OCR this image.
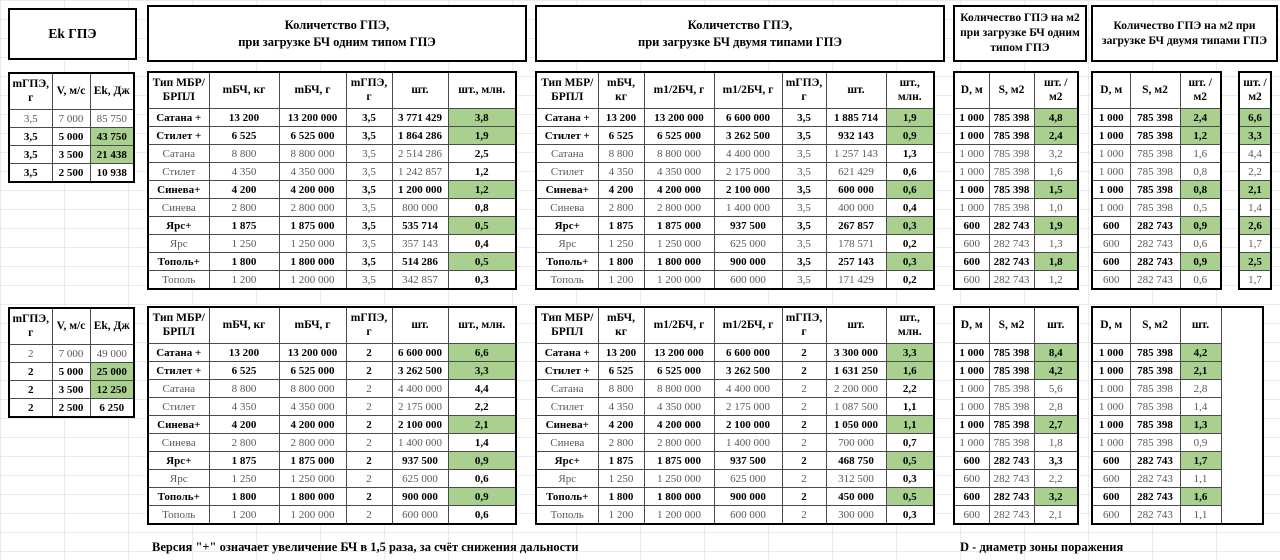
Ek ГПЭ
mГПЭ, г	V, м/с	Ek, Дж
3,5	7 000	85 750
3,5	5 000	43 750
3,5	3 500	21 438
3,5	2 500	10 938
mГПЭ, г	V, м/с	Ek, Дж
2	7 000	49 000
2	5 000	25 000
2	3 500	12 250
2	2 500	6 250
Количетство ГПЭ,
при загрузке БЧ одним типом ГПЭ
Тип МБР/ БРПЛ	mБЧ, кг	mБЧ, г	mГПЭ, г	шт.	шт., млн.
Сатана +	13 200	13 200 000	3,5	3 771 429	3,8
Стилет +	6 525	6 525 000	3,5	1 864 286	1,9
Сатана	8 800	8 800 000	3,5	2 514 286	2,5
Стилет	4 350	4 350 000	3,5	1 242 857	1,2
Синева+	4 200	4 200 000	3,5	1 200 000	1,2
Синева	2 800	2 800 000	3,5	800 000	0,8
Ярс+	1 875	1 875 000	3,5	535 714	0,5
Ярс	1 250	1 250 000	3,5	357 143	0,4
Тополь+	1 800	1 800 000	3,5	514 286	0,5
Тополь	1 200	1 200 000	3,5	342 857	0,3
Тип МБР/ БРПЛ	mБЧ, кг	mБЧ, г	mГПЭ, г	шт.	шт., млн.
Сатана +	13 200	13 200 000	2	6 600 000	6,6
Стилет +	6 525	6 525 000	2	3 262 500	3,3
Сатана	8 800	8 800 000	2	4 400 000	4,4
Стилет	4 350	4 350 000	2	2 175 000	2,2
Синева+	4 200	4 200 000	2	2 100 000	2,1
Синева	2 800	2 800 000	2	1 400 000	1,4
Ярс+	1 875	1 875 000	2	937 500	0,9
Ярс	1 250	1 250 000	2	625 000	0,6
Тополь+	1 800	1 800 000	2	900 000	0,9
Тополь	1 200	1 200 000	2	600 000	0,6
Количетство ГПЭ,
при загрузке БЧ двумя типами ГПЭ
Тип МБР/ БРПЛ	mБЧ, кг	m1/2БЧ, г	m1/2БЧ, г	mГПЭ, г	шт.	шт., млн.
Сатана +	13 200	13 200 000	6 600 000	3,5	1 885 714	1,9
Стилет +	6 525	6 525 000	3 262 500	3,5	932 143	0,9
Сатана	8 800	8 800 000	4 400 000	3,5	1 257 143	1,3
Стилет	4 350	4 350 000	2 175 000	3,5	621 429	0,6
Синева+	4 200	4 200 000	2 100 000	3,5	600 000	0,6
Синева	2 800	2 800 000	1 400 000	3,5	400 000	0,4
Ярс+	1 875	1 875 000	937 500	3,5	267 857	0,3
Ярс	1 250	1 250 000	625 000	3,5	178 571	0,2
Тополь+	1 800	1 800 000	900 000	3,5	257 143	0,3
Тополь	1 200	1 200 000	600 000	3,5	171 429	0,2
Тип МБР/ БРПЛ	mБЧ, кг	m1/2БЧ, г	m1/2БЧ, г	mГПЭ, г	шт.	шт., млн.
Сатана +	13 200	13 200 000	6 600 000	2	3 300 000	3,3
Стилет +	6 525	6 525 000	3 262 500	2	1 631 250	1,6
Сатана	8 800	8 800 000	4 400 000	2	2 200 000	2,2
Стилет	4 350	4 350 000	2 175 000	2	1 087 500	1,1
Синева+	4 200	4 200 000	2 100 000	2	1 050 000	1,1
Синева	2 800	2 800 000	1 400 000	2	700 000	0,7
Ярс+	1 875	1 875 000	937 500	2	468 750	0,5
Ярс	1 250	1 250 000	625 000	2	312 500	0,3
Тополь+	1 800	1 800 000	900 000	2	450 000	0,5
Тополь	1 200	1 200 000	600 000	2	300 000	0,3
Количество ГПЭ на м2 при загрузке БЧ одним типом ГПЭ
D, м	S, м2	шт. / м2
1 000	785 398	4,8
1 000	785 398	2,4
1 000	785 398	3,2
1 000	785 398	1,6
1 000	785 398	1,5
1 000	785 398	1,0
600	282 743	1,9
600	282 743	1,3
600	282 743	1,8
600	282 743	1,2
D, м	S, м2	шт.
1 000	785 398	8,4
1 000	785 398	4,2
1 000	785 398	5,6
1 000	785 398	2,8
1 000	785 398	2,7
1 000	785 398	1,8
600	282 743	3,3
600	282 743	2,2
600	282 743	3,2
600	282 743	2,1
Количество ГПЭ на м2 при загрузке БЧ двумя типами ГПЭ
D, м	S, м2	шт. / м2
1 000	785 398	2,4
1 000	785 398	1,2
1 000	785 398	1,6
1 000	785 398	0,8
1 000	785 398	0,8
1 000	785 398	0,5
600	282 743	0,9
600	282 743	0,6
600	282 743	0,9
600	282 743	0,6
шт. / м2
6,6
3,3
4,4
2,2
2,1
1,4
2,6
1,7
2,5
1,7
D, м	S, м2	шт.	
1 000	785 398	4,2	
1 000	785 398	2,1	
1 000	785 398	2,8	
1 000	785 398	1,4	
1 000	785 398	1,3	
1 000	785 398	0,9	
600	282 743	1,7	
600	282 743	1,1	
600	282 743	1,6	
600	282 743	1,1	
Версия "+" означает увеличение БЧ в 1,5 раза, за счёт снижения дальности	D - диаметр зоны поражения
